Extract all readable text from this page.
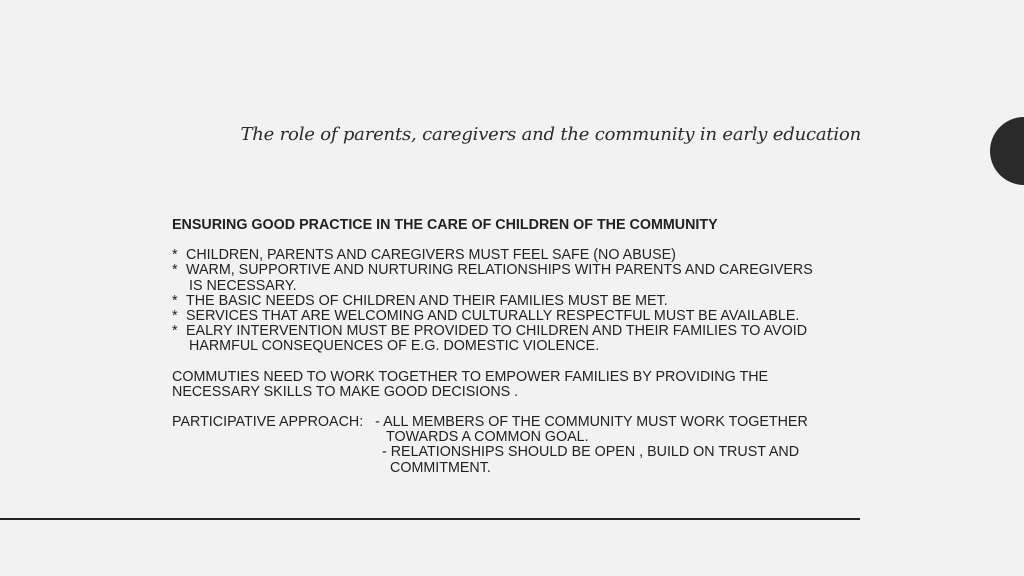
The role of parents, caregivers and the community in early education
ENSURING GOOD PRACTICE IN THE CARE OF CHILDREN OF THE COMMUNITY
* CHILDREN, PARENTS AND CAREGIVERS MUST FEEL SAFE (NO ABUSE)
* WARM, SUPPORTIVE AND NURTURING RELATIONSHIPS WITH PARENTS AND CAREGIVERS
IS NECESSARY.
* THE BASIC NEEDS OF CHILDREN AND THEIR FAMILIES MUST BE MET.
* SERVICES THAT ARE WELCOMING AND CULTURALLY RESPECTFUL MUST BE AVAILABLE.
* EALRY INTERVENTION MUST BE PROVIDED TO CHILDREN AND THEIR FAMILIES TO AVOID
HARMFUL CONSEQUENCES OF E.G. DOMESTIC VIOLENCE.
COMMUTIES NEED TO WORK TOGETHER TO EMPOWER FAMILIES BY PROVIDING THE
NECESSARY SKILLS TO MAKE GOOD DECISIONS .
PARTICIPATIVE APPROACH: - ALL MEMBERS OF THE COMMUNITY MUST WORK TOGETHER
TOWARDS A COMMON GOAL.
- RELATIONSHIPS SHOULD BE OPEN , BUILD ON TRUST AND
COMMITMENT.
